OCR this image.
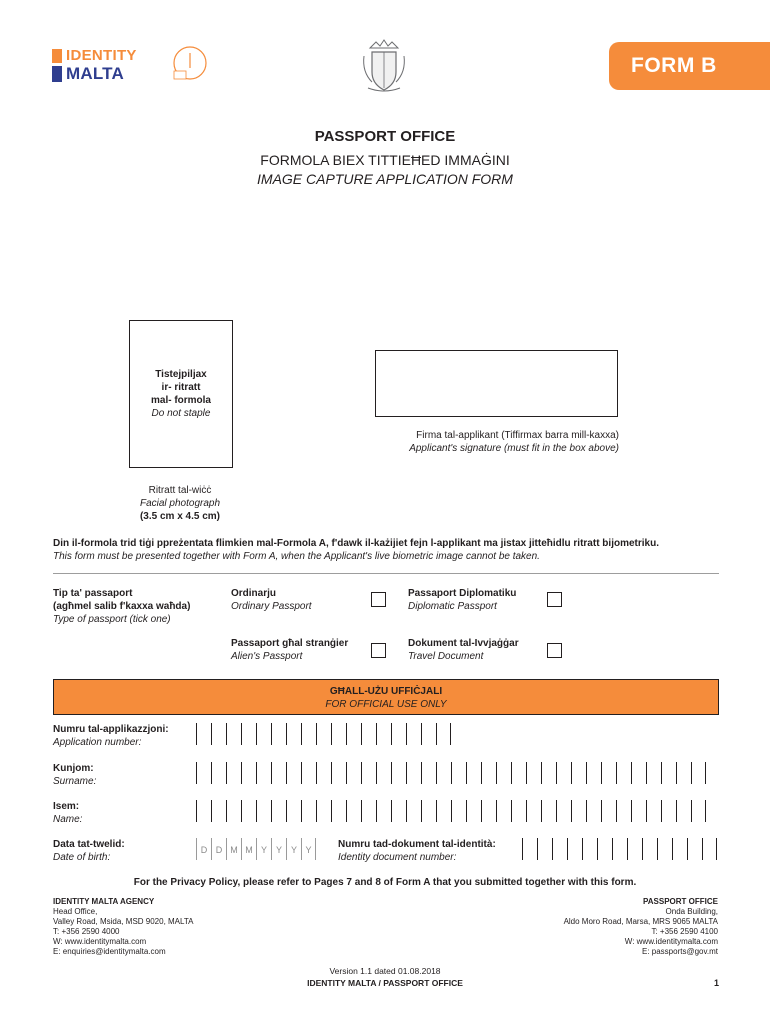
IDENTITY
MALTA	FORM B
PASSPORT OFFICE
FORMOLA BIEX TITTIEĦED IMMAĠINI
IMAGE CAPTURE APPLICATION FORM
Tistejpiljax
ir- ritratt
mal- formola
Do not staple
Ritratt tal-wiċċ
Facial photograph
(3.5 cm x 4.5 cm)
Firma tal-applikant (Tiffirmax barra mill-kaxxa)
Applicant's signature (must fit in the box above)
Din il-formola trid tiġi ppreżentata flimkien mal-Formola A, f'dawk il-każijiet fejn l-applikant ma jistax jitteħidlu ritratt bijometriku.
This form must be presented together with Form A, when the Applicant's live biometric image cannot be taken.
Tip ta' passaport
(agħmel salib f'kaxxa waħda)
Type of passport (tick one)
Ordinarju
Ordinary Passport
Passaport Diplomatiku
Diplomatic Passport
Passaport għal stranġier
Alien's Passport
Dokument tal-Ivvjaġġar
Travel Document
GĦALL-UŻU UFFIĊJALI
FOR OFFICIAL USE ONLY
Numru tal-applikazzjoni:
Application number:
Kunjom:
Surname:
Isem:
Name:
Data tat-twelid:
Date of birth:
D D M M Y Y Y Y	Numru tad-dokument tal-identità:
Identity document number:
For the Privacy Policy, please refer to Pages 7 and 8 of Form A that you submitted together with this form.
IDENTITY MALTA AGENCY
Head Office,
Valley Road, Msida, MSD 9020, MALTA
T: +356 2590 4000
W: www.identitymalta.com
E: enquiries@identitymalta.com
PASSPORT OFFICE
Onda Building,
Aldo Moro Road, Marsa, MRS 9065 MALTA
T: +356 2590 4100
W: www.identitymalta.com
E: passports@gov.mt
Version 1.1 dated 01.08.2018
IDENTITY MALTA / PASSPORT OFFICE	1
